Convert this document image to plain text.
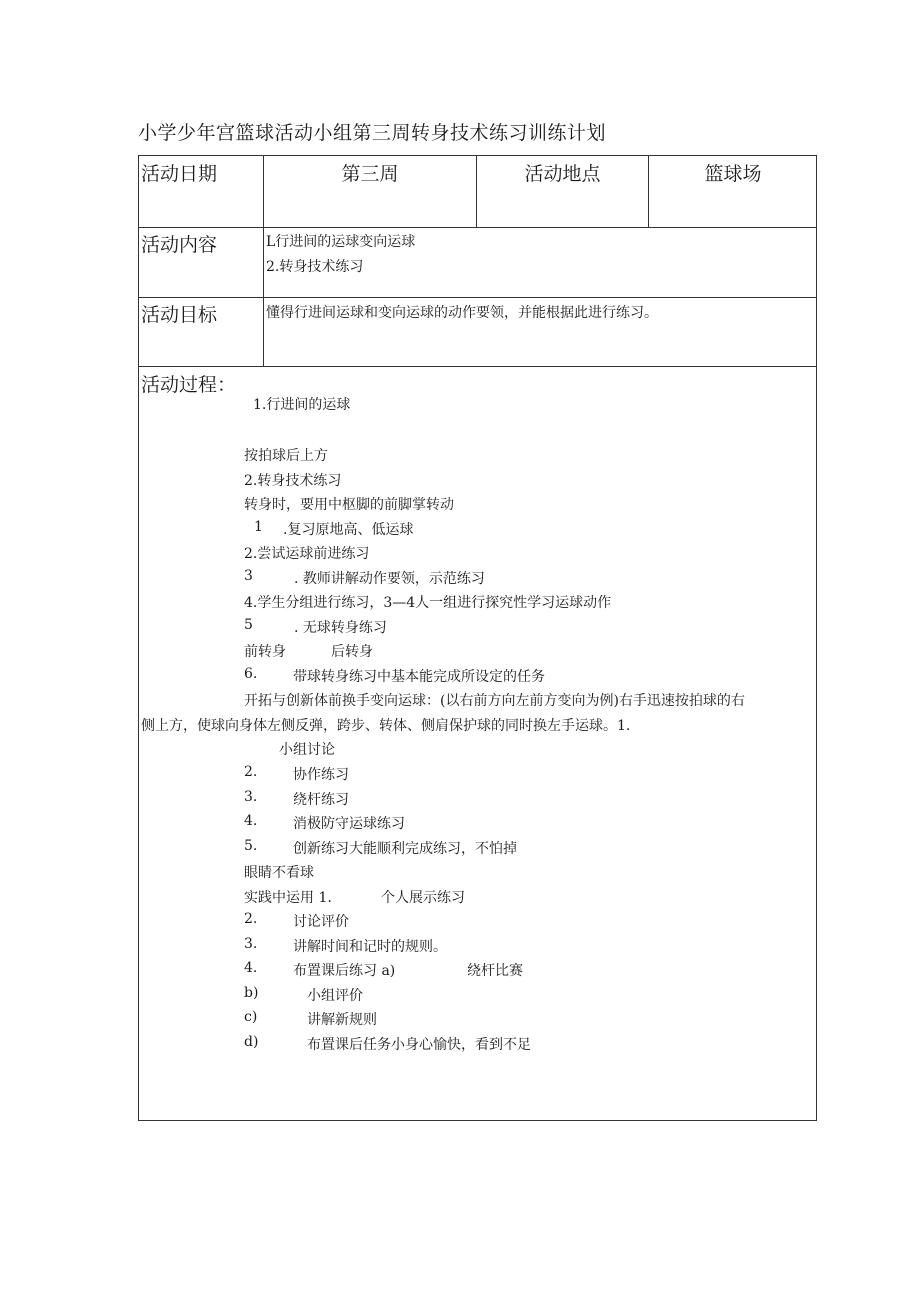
小学少年宫篮球活动小组第三周转身技术练习训练计划
活动日期	第三周	活动地点	篮球场
活动内容	L行进间的运球变向运球
2.转身技术练习
活动目标	懂得行进间运球和变向运球的动作要领，并能根据此进行练习。
活动过程：
1.行进间的运球
按拍球后上方
2.转身技术练习
转身时，要用中枢脚的前脚掌转动
1 .复习原地高、低运球
2.尝试运球前进练习
3	. 教师讲解动作要领，示范练习
4.学生分组进行练习，3—4人一组进行探究性学习运球动作
5	. 无球转身练习
前转身	后转身
6.	带球转身练习中基本能完成所设定的任务
开拓与创新体前换手变向运球：(以右前方向左前方变向为例)右手迅速按拍球的右
侧上方，使球向身体左侧反弹，跨步、转体、侧肩保护球的同时换左手运球。1.
小组讨论
2.	协作练习
3.	绕杆练习
4.	消极防守运球练习
5.	创新练习大能顺利完成练习，不怕掉
眼睛不看球
实践中运用 1.	个人展示练习
2.	讨论评价
3.	讲解时间和记时的规则。
4.	布置课后练习 a)	绕杆比赛
b)	小组评价
c)	讲解新规则
d)	布置课后任务小身心愉快，看到不足
